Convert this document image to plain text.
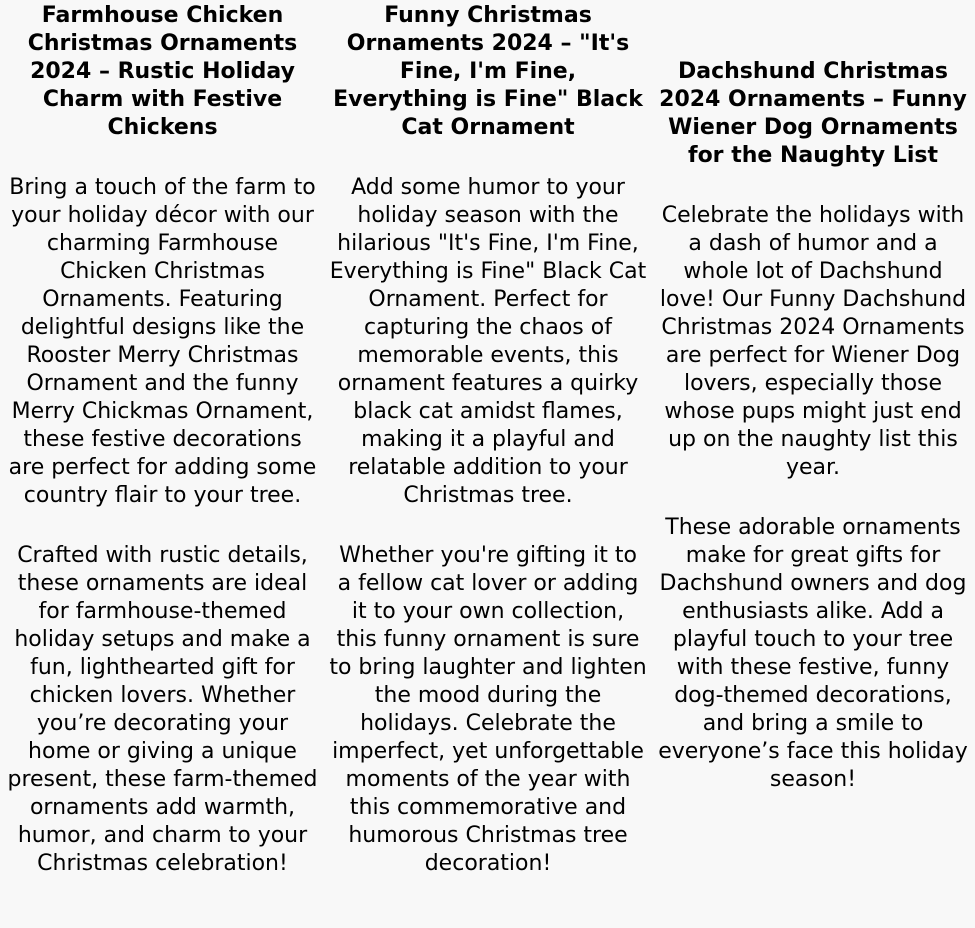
Farmhouse Chicken Christmas Ornaments 2024 – Rustic Holiday Charm with Festive Chickens

Bring a touch of the farm to your holiday décor with our charming Farmhouse Chicken Christmas Ornaments. Featuring delightful designs like the Rooster Merry Christmas Ornament and the funny Merry Chickmas Ornament, these festive decorations are perfect for adding some country flair to your tree.

Crafted with rustic details, these ornaments are ideal for farmhouse-themed holiday setups and make a fun, lighthearted gift for chicken lovers. Whether you’re decorating your home or giving a unique present, these farm-themed ornaments add warmth, humor, and charm to your Christmas celebration!

Funny Christmas Ornaments 2024 – "It's Fine, I'm Fine, Everything is Fine" Black Cat Ornament

Add some humor to your holiday season with the hilarious "It's Fine, I'm Fine, Everything is Fine" Black Cat Ornament. Perfect for capturing the chaos of memorable events, this ornament features a quirky black cat amidst flames, making it a playful and relatable addition to your Christmas tree.

Whether you're gifting it to a fellow cat lover or adding it to your own collection, this funny ornament is sure to bring laughter and lighten the mood during the holidays. Celebrate the imperfect, yet unforgettable moments of the year with this commemorative and humorous Christmas tree decoration!

Dachshund Christmas 2024 Ornaments – Funny Wiener Dog Ornaments for the Naughty List

Celebrate the holidays with a dash of humor and a whole lot of Dachshund love! Our Funny Dachshund Christmas 2024 Ornaments are perfect for Wiener Dog lovers, especially those whose pups might just end up on the naughty list this year.

These adorable ornaments make for great gifts for Dachshund owners and dog enthusiasts alike. Add a playful touch to your tree with these festive, funny dog-themed decorations, and bring a smile to everyone’s face this holiday season!
